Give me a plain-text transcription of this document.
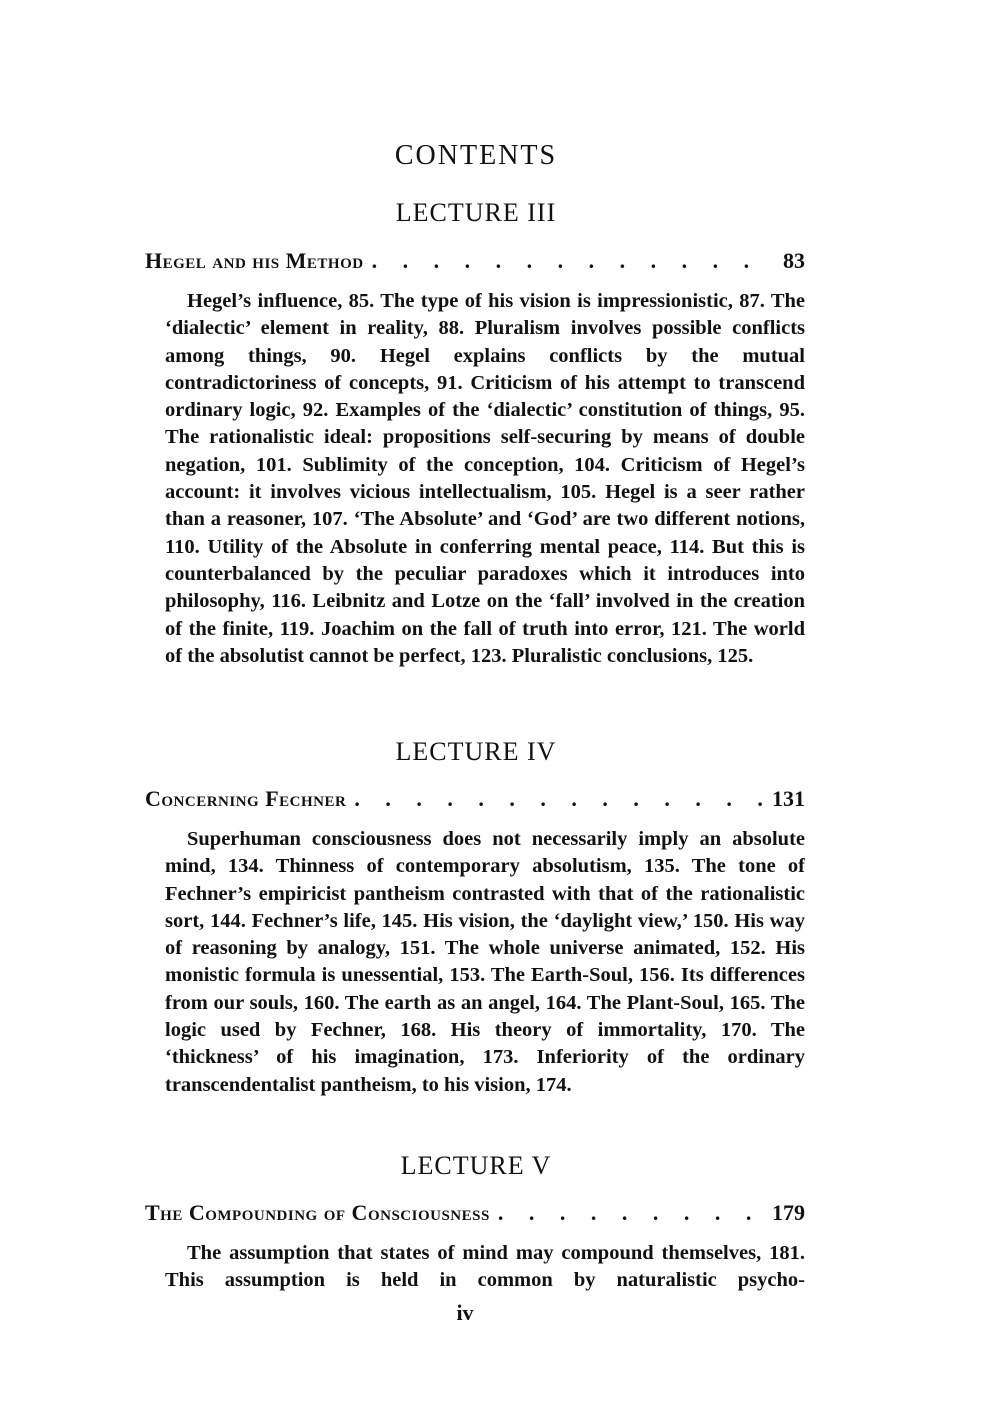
CONTENTS
LECTURE III
Hegel and his Method . . .	83
Hegel’s influence, 85. The type of his vision is impressionistic, 87. The ‘dialectic’ element in reality, 88. Pluralism involves possible conflicts among things, 90. Hegel explains conflicts by the mutual contradictoriness of concepts, 91. Criticism of his attempt to transcend ordinary logic, 92. Examples of the ‘dialectic’ constitution of things, 95. The rationalistic ideal: propositions self-securing by means of double negation, 101. Sublimity of the conception, 104. Criticism of Hegel’s account: it involves vicious intellectualism, 105. Hegel is a seer rather than a reasoner, 107. ‘The Absolute’ and ‘God’ are two different notions, 110. Utility of the Absolute in conferring mental peace, 114. But this is counterbalanced by the peculiar paradoxes which it introduces into philosophy, 116. Leibnitz and Lotze on the ‘fall’ involved in the creation of the finite, 119. Joachim on the fall of truth into error, 121. The world of the absolutist cannot be perfect, 123. Pluralistic conclusions, 125.
LECTURE IV
Concerning Fechner . . .	131
Superhuman consciousness does not necessarily imply an absolute mind, 134. Thinness of contemporary absolutism, 135. The tone of Fechner’s empiricist pantheism contrasted with that of the rationalistic sort, 144. Fechner’s life, 145. His vision, the ‘daylight view,’ 150. His way of reasoning by analogy, 151. The whole universe animated, 152. His monistic formula is unessential, 153. The Earth-Soul, 156. Its differences from our souls, 160. The earth as an angel, 164. The Plant-Soul, 165. The logic used by Fechner, 168. His theory of immortality, 170. The ‘thickness’ of his imagination, 173. Inferiority of the ordinary transcendentalist pantheism, to his vision, 174.
LECTURE V
The Compounding of Consciousness . . .	179
The assumption that states of mind may compound themselves, 181. This assumption is held in common by naturalistic psycho-
iv
